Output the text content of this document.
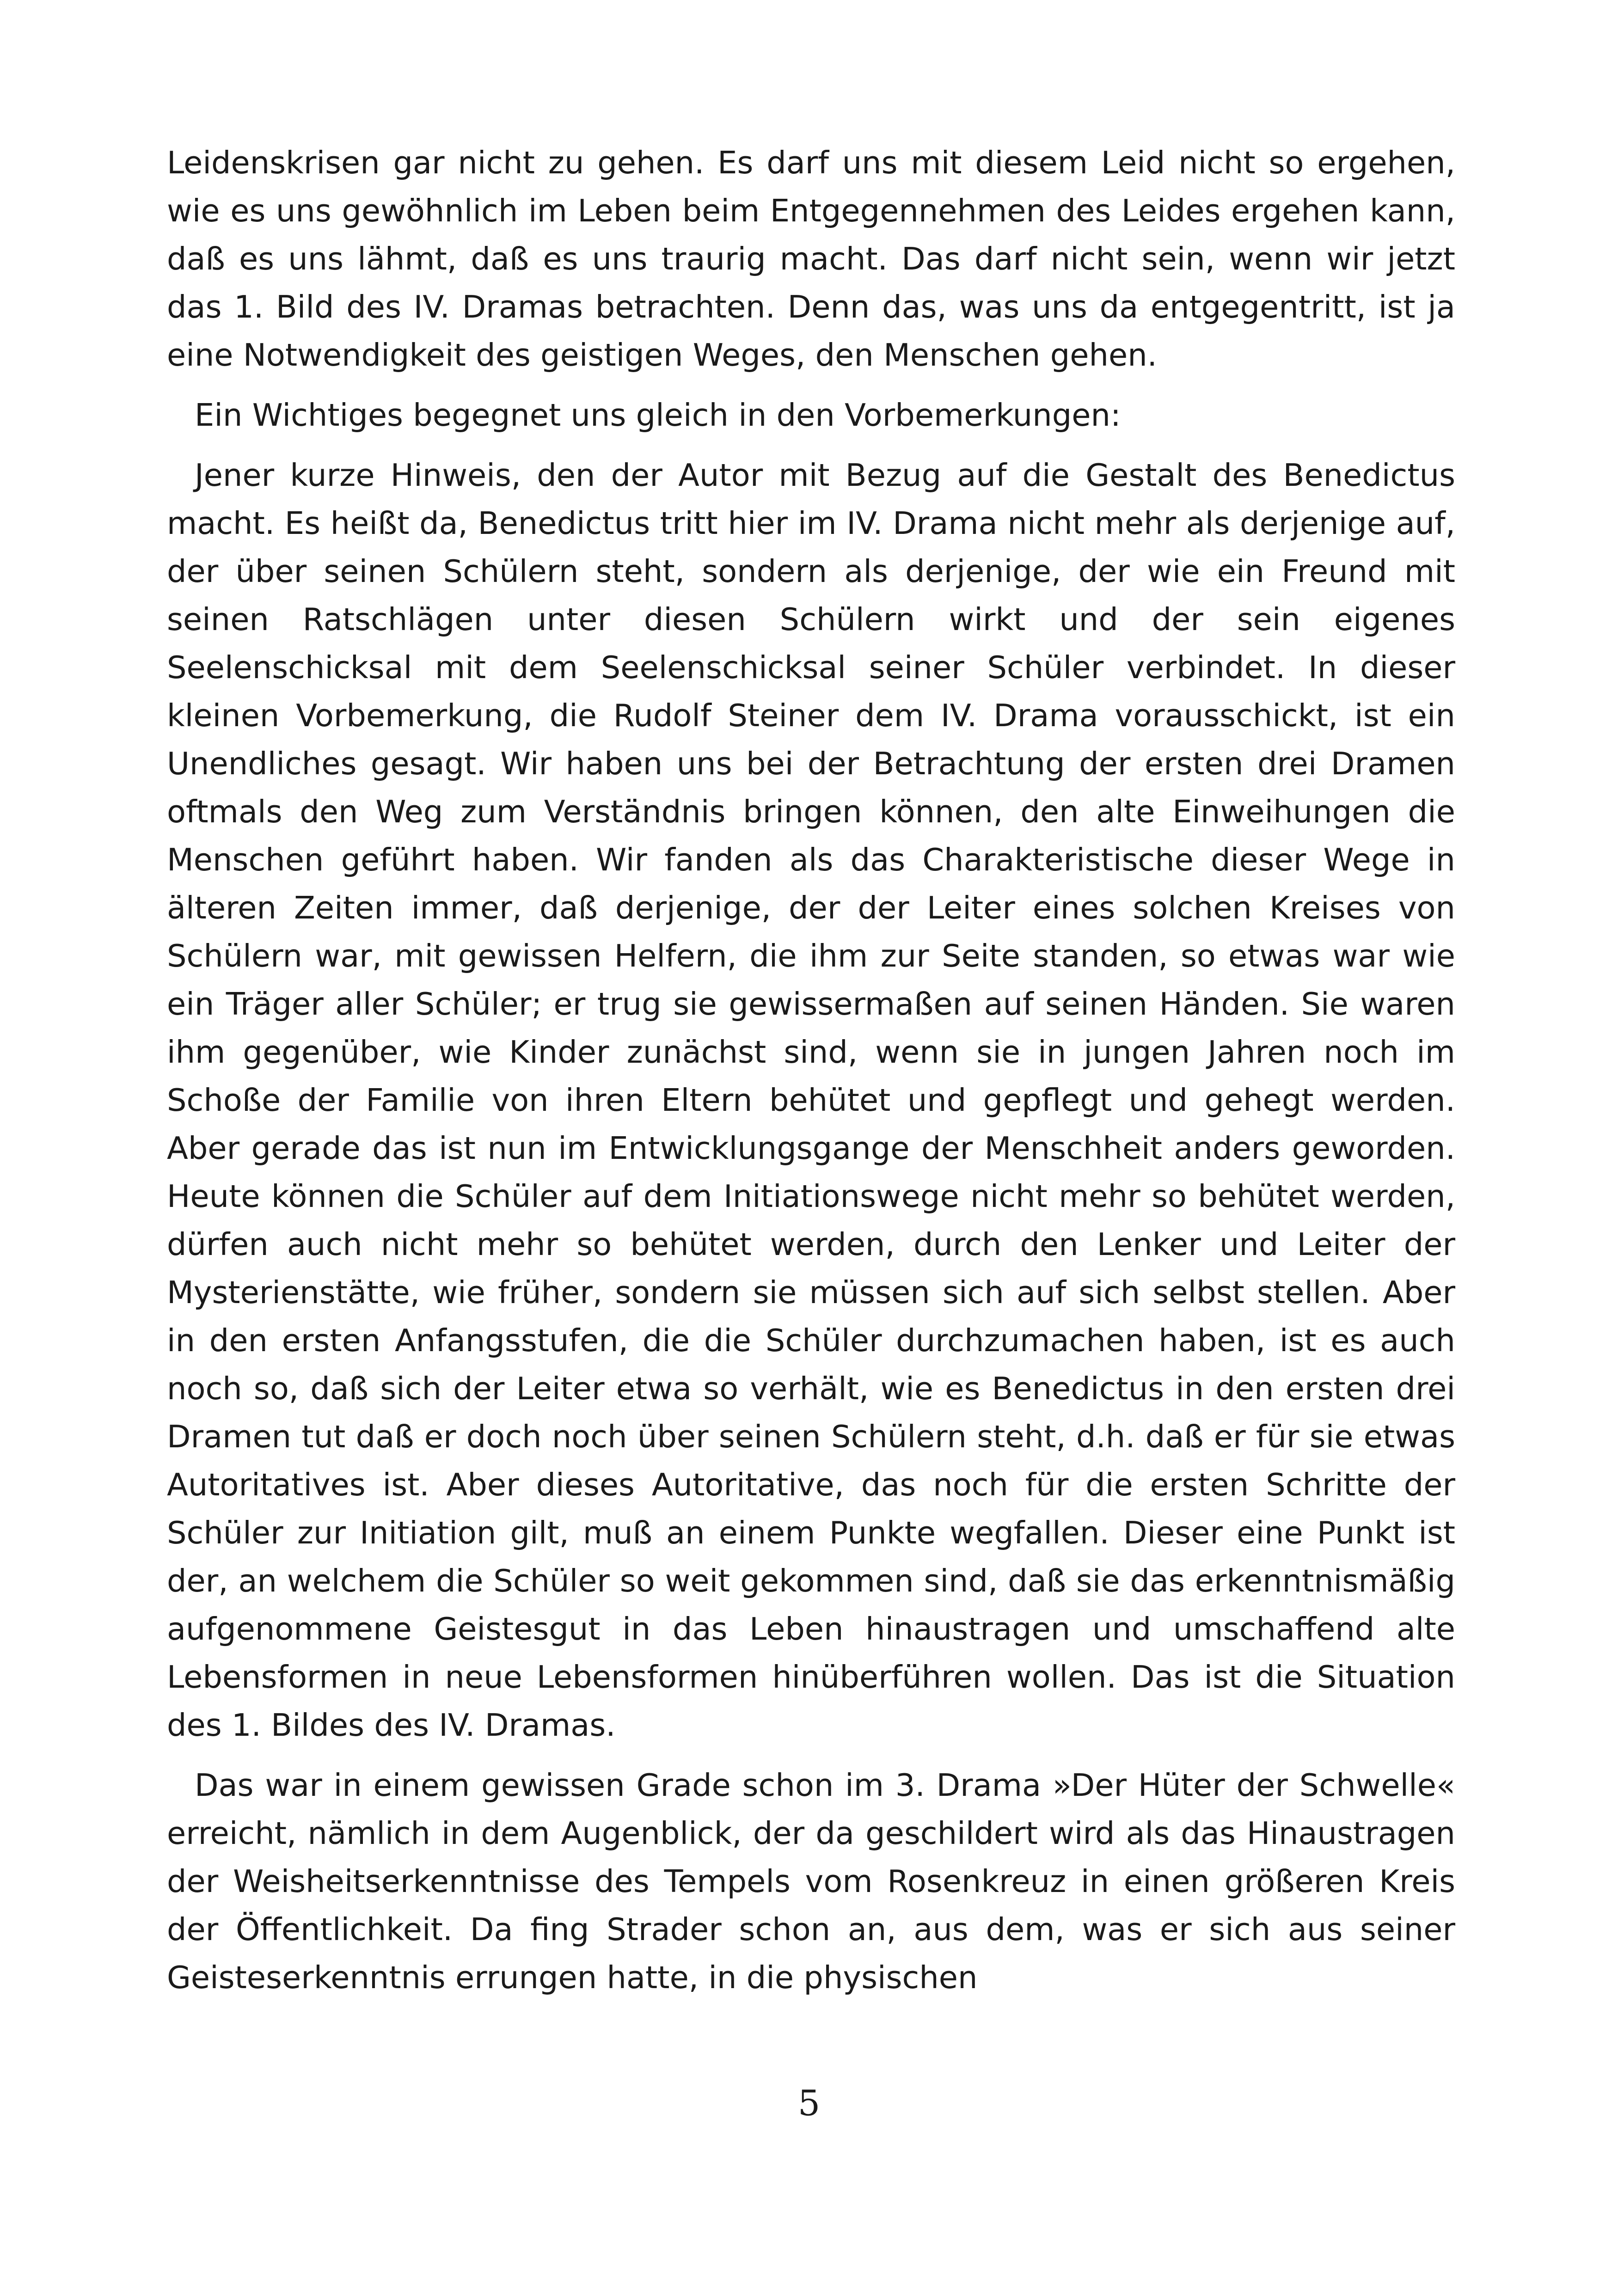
Leidenskrisen gar nicht zu gehen. Es darf uns mit diesem Leid nicht so ergehen, wie es uns gewöhnlich im Leben beim Entgegennehmen des Leides ergehen kann, daß es uns lähmt, daß es uns traurig macht. Das darf nicht sein, wenn wir jetzt das 1. Bild des IV. Dramas betrachten. Denn das, was uns da entgegentritt, ist ja eine Notwendigkeit des geistigen Weges, den Menschen gehen.

Ein Wichtiges begegnet uns gleich in den Vorbemerkungen:

Jener kurze Hinweis, den der Autor mit Bezug auf die Gestalt des Benedictus macht. Es heißt da, Benedictus tritt hier im IV. Drama nicht mehr als derjenige auf, der über seinen Schülern steht, sondern als derjenige, der wie ein Freund mit seinen Ratschlägen unter diesen Schülern wirkt und der sein eigenes Seelenschicksal mit dem Seelenschicksal seiner Schüler verbindet. In dieser kleinen Vorbemerkung, die Rudolf Steiner dem IV. Drama vorausschickt, ist ein Unendliches gesagt. Wir haben uns bei der Betrachtung der ersten drei Dramen oftmals den Weg zum Verständnis bringen können, den alte Einweihungen die Menschen geführt haben. Wir fanden als das Charakteristische dieser Wege in älteren Zeiten immer, daß derjenige, der der Leiter eines solchen Kreises von Schülern war, mit gewissen Helfern, die ihm zur Seite standen, so etwas war wie ein Träger aller Schüler; er trug sie gewissermaßen auf seinen Händen. Sie waren ihm gegenüber, wie Kinder zunächst sind, wenn sie in jungen Jahren noch im Schoße der Familie von ihren Eltern behütet und gepflegt und gehegt werden. Aber gerade das ist nun im Entwicklungsgange der Menschheit anders geworden. Heute können die Schüler auf dem Initiationswege nicht mehr so behütet werden, dürfen auch nicht mehr so behütet werden, durch den Lenker und Leiter der Mysterienstätte, wie früher, sondern sie müssen sich auf sich selbst stellen. Aber in den ersten Anfangsstufen, die die Schüler durchzumachen haben, ist es auch noch so, daß sich der Leiter etwa so verhält, wie es Benedictus in den ersten drei Dramen tut daß er doch noch über seinen Schülern steht, d.h. daß er für sie etwas Autoritatives ist. Aber dieses Autoritative, das noch für die ersten Schritte der Schüler zur Initiation gilt, muß an einem Punkte wegfallen. Dieser eine Punkt ist der, an welchem die Schüler so weit gekommen sind, daß sie das erkenntnismäßig aufgenommene Geistesgut in das Leben hinaustragen und umschaffend alte Lebensformen in neue Lebensformen hinüberführen wollen. Das ist die Situation des 1. Bildes des IV. Dramas.

Das war in einem gewissen Grade schon im 3. Drama »Der Hüter der Schwelle« erreicht, nämlich in dem Augenblick, der da geschildert wird als das Hinaustragen der Weisheitserkenntnisse des Tempels vom Rosenkreuz in einen größeren Kreis der Öffentlichkeit. Da fing Strader schon an, aus dem, was er sich aus seiner Geisteserkenntnis errungen hatte, in die physischen

5
